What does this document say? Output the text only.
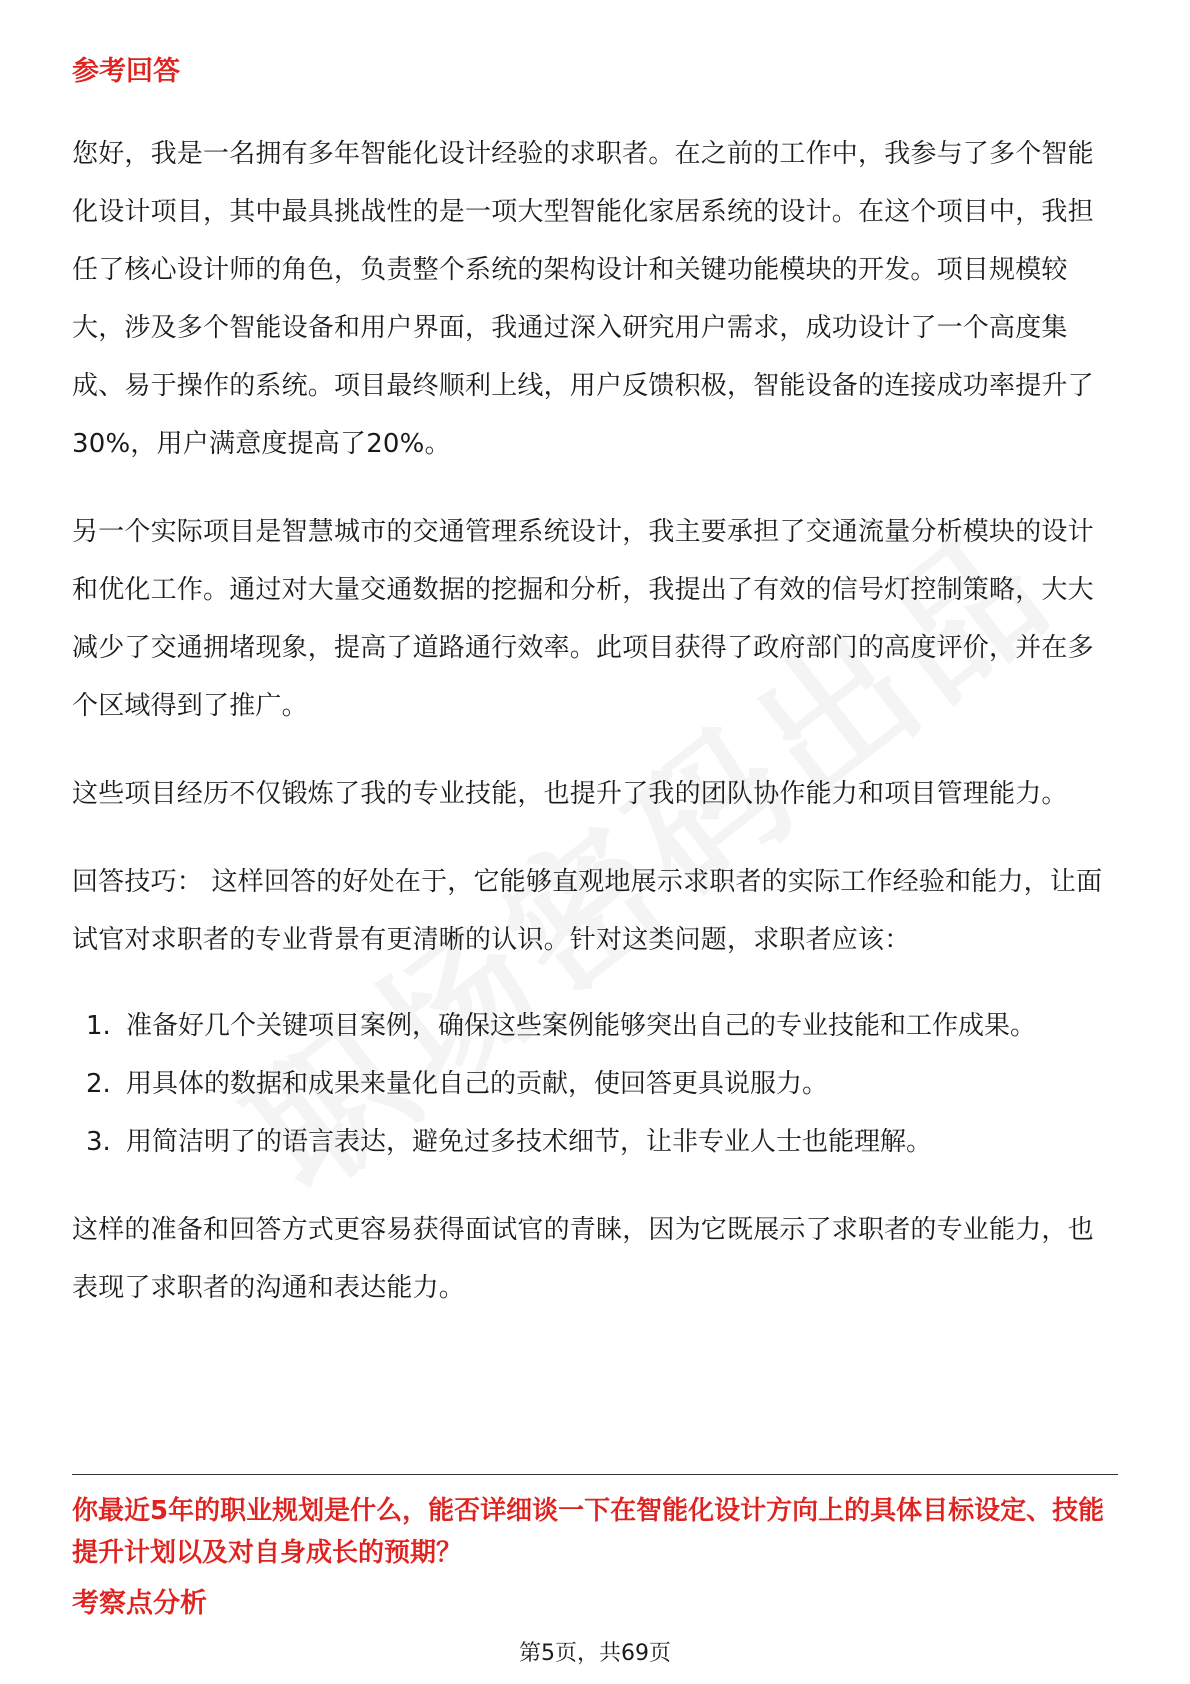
参考回答

您好，我是一名拥有多年智能化设计经验的求职者。在之前的工作中，我参与了多个智能化设计项目，其中最具挑战性的是一项大型智能化家居系统的设计。在这个项目中，我担任了核心设计师的角色，负责整个系统的架构设计和关键功能模块的开发。项目规模较大，涉及多个智能设备和用户界面，我通过深入研究用户需求，成功设计了一个高度集成、易于操作的系统。项目最终顺利上线，用户反馈积极，智能设备的连接成功率提升了30%，用户满意度提高了20%。

另一个实际项目是智慧城市的交通管理系统设计，我主要承担了交通流量分析模块的设计和优化工作。通过对大量交通数据的挖掘和分析，我提出了有效的信号灯控制策略，大大减少了交通拥堵现象，提高了道路通行效率。此项目获得了政府部门的高度评价，并在多个区域得到了推广。

这些项目经历不仅锻炼了我的专业技能，也提升了我的团队协作能力和项目管理能力。

回答技巧： 这样回答的好处在于，它能够直观地展示求职者的实际工作经验和能力，让面试官对求职者的专业背景有更清晰的认识。针对这类问题，求职者应该：

1. 准备好几个关键项目案例，确保这些案例能够突出自己的专业技能和工作成果。
2. 用具体的数据和成果来量化自己的贡献，使回答更具说服力。
3. 用简洁明了的语言表达，避免过多技术细节，让非专业人士也能理解。

这样的准备和回答方式更容易获得面试官的青睐，因为它既展示了求职者的专业能力，也表现了求职者的沟通和表达能力。

你最近5年的职业规划是什么，能否详细谈一下在智能化设计方向上的具体目标设定、技能提升计划以及对自身成长的预期？

考察点分析
第5页，共69页
